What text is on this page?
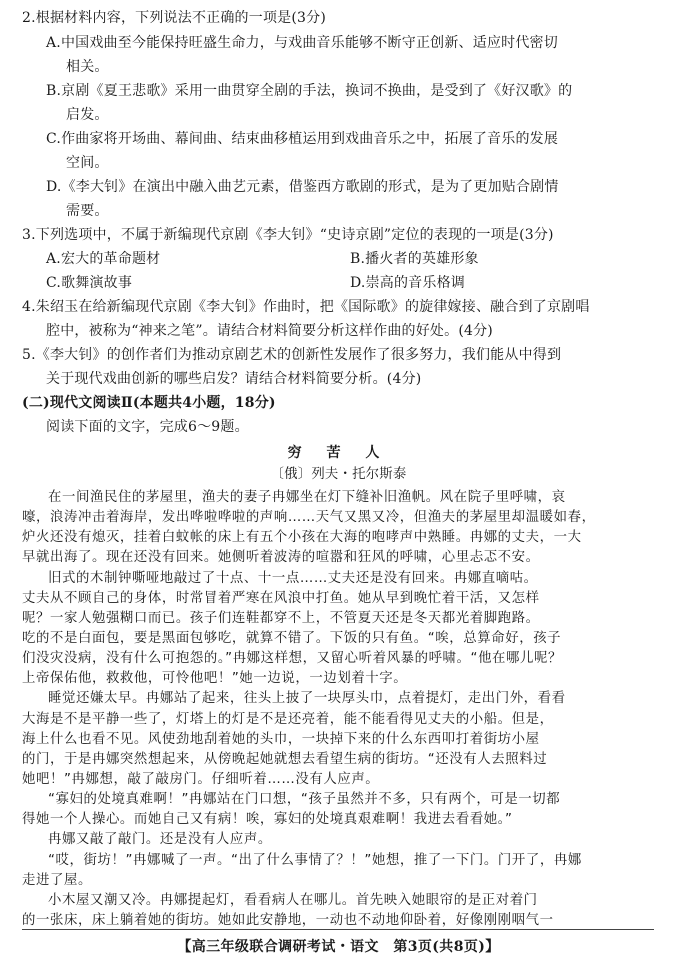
2.根据材料内容，下列说法不正确的一项是(3分)
A.中国戏曲至今能保持旺盛生命力，与戏曲音乐能够不断守正创新、适应时代密切
相关。
B.京剧《夏王悲歌》采用一曲贯穿全剧的手法，换词不换曲，是受到了《好汉歌》的
启发。
C.作曲家将开场曲、幕间曲、结束曲移植运用到戏曲音乐之中，拓展了音乐的发展
空间。
D.《李大钊》在演出中融入曲艺元素，借鉴西方歌剧的形式，是为了更加贴合剧情
需要。
3.下列选项中，不属于新编现代京剧《李大钊》“史诗京剧”定位的表现的一项是(3分)
A.宏大的革命题材	B.播火者的英雄形象
C.歌舞演故事	D.崇高的音乐格调
4.朱绍玉在给新编现代京剧《李大钊》作曲时，把《国际歌》的旋律嫁接、融合到了京剧唱
腔中，被称为“神来之笔”。请结合材料简要分析这样作曲的好处。(4分)
5.《李大钊》的创作者们为推动京剧艺术的创新性发展作了很多努力，我们能从中得到
关于现代戏曲创新的哪些启发？请结合材料简要分析。(4分)
(二)现代文阅读Ⅱ(本题共4小题，18分)
阅读下面的文字，完成6～9题。
穷 苦 人
〔俄〕列夫・托尔斯泰
【高三年级联合调研考试・语文　第3页(共8页)】
在一间渔民住的茅屋里，渔夫的妻子冉娜坐在灯下缝补旧渔帆。风在院子里呼啸，哀
嚎，浪涛冲击着海岸，发出哗啦哗啦的声响……天气又黑又冷，但渔夫的茅屋里却温暖如春，
炉火还没有熄灭，挂着白蚊帐的床上有五个小孩在大海的咆哮声中熟睡。冉娜的丈夫，一大
早就出海了。现在还没有回来。她侧听着波涛的喧嚣和狂风的呼啸，心里忐忑不安。
旧式的木制钟嘶哑地敲过了十点、十一点……丈夫还是没有回来。冉娜直嘀咕。
丈夫从不顾自己的身体，时常冒着严寒在风浪中打鱼。她从早到晚忙着干活，又怎样
呢？一家人勉强糊口而已。孩子们连鞋都穿不上，不管夏天还是冬天都光着脚跑路。
吃的不是白面包，要是黑面包够吃，就算不错了。下饭的只有鱼。“唉，总算命好，孩子
们没灾没病，没有什么可抱怨的。”冉娜这样想，又留心听着风暴的呼啸。“他在哪儿呢？
上帝保佑他，救救他，可怜他吧！”她一边说，一边划着十字。
睡觉还嫌太早。冉娜站了起来，往头上披了一块厚头巾，点着提灯，走出门外，看看
大海是不是平静一些了，灯塔上的灯是不是还亮着，能不能看得见丈夫的小船。但是，
海上什么也看不见。风使劲地刮着她的头巾，一块掉下来的什么东西叩打着街坊小屋
的门，于是冉娜突然想起来，从傍晚起她就想去看望生病的街坊。“还没有人去照料过
她吧！”冉娜想，敲了敲房门。仔细听着……没有人应声。
“寡妇的处境真难啊！”冉娜站在门口想，“孩子虽然并不多，只有两个，可是一切都
得她一个人操心。而她自己又有病！唉，寡妇的处境真艰难啊！我进去看看她。”
冉娜又敲了敲门。还是没有人应声。
“哎，街坊！”冉娜喊了一声。“出了什么事情了？！”她想，推了一下门。门开了，冉娜
走进了屋。
小木屋又潮又冷。冉娜提起灯，看看病人在哪儿。首先映入她眼帘的是正对着门
的一张床，床上躺着她的街坊。她如此安静地，一动也不动地仰卧着，好像刚刚咽气一
